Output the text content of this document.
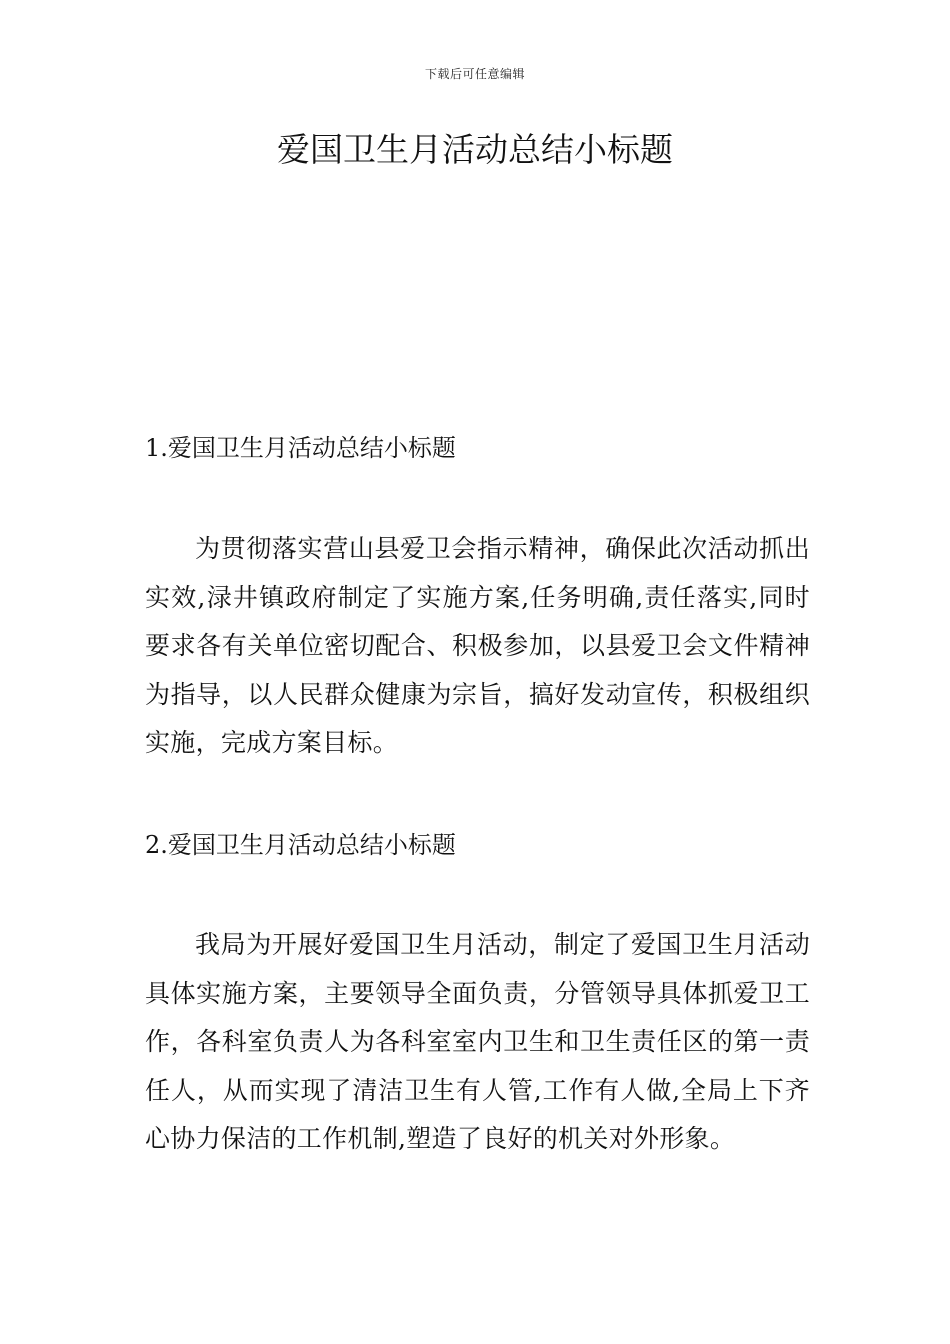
下载后可任意编辑
爱国卫生月活动总结小标题
1.爱国卫生月活动总结小标题

为贯彻落实营山县爱卫会指示精神，确保此次活动抓出实效,渌井镇政府制定了实施方案,任务明确,责任落实,同时要求各有关单位密切配合、积极参加，以县爱卫会文件精神为指导，以人民群众健康为宗旨，搞好发动宣传，积极组织实施，完成方案目标。

2.爱国卫生月活动总结小标题

我局为开展好爱国卫生月活动，制定了爱国卫生月活动具体实施方案，主要领导全面负责，分管领导具体抓爱卫工作，各科室负责人为各科室室内卫生和卫生责任区的第一责任人，从而实现了清洁卫生有人管,工作有人做,全局上下齐心协力保洁的工作机制,塑造了良好的机关对外形象。
